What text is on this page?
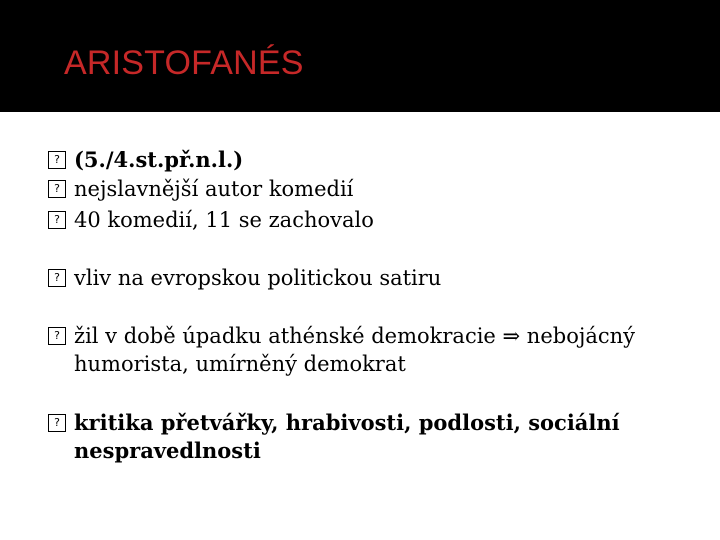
ARISTOFANÉS
? (5./4.st.př.n.l.)
? nejslavnější autor komedií
? 40 komedií, 11 se zachovalo
? vliv na evropskou politickou satiru
? žil v době úpadku athénské demokracie ⇒ nebojácný
humorista, umírněný demokrat
? kritika přetvářky, hrabivosti, podlosti, sociální
nespravedlnosti
